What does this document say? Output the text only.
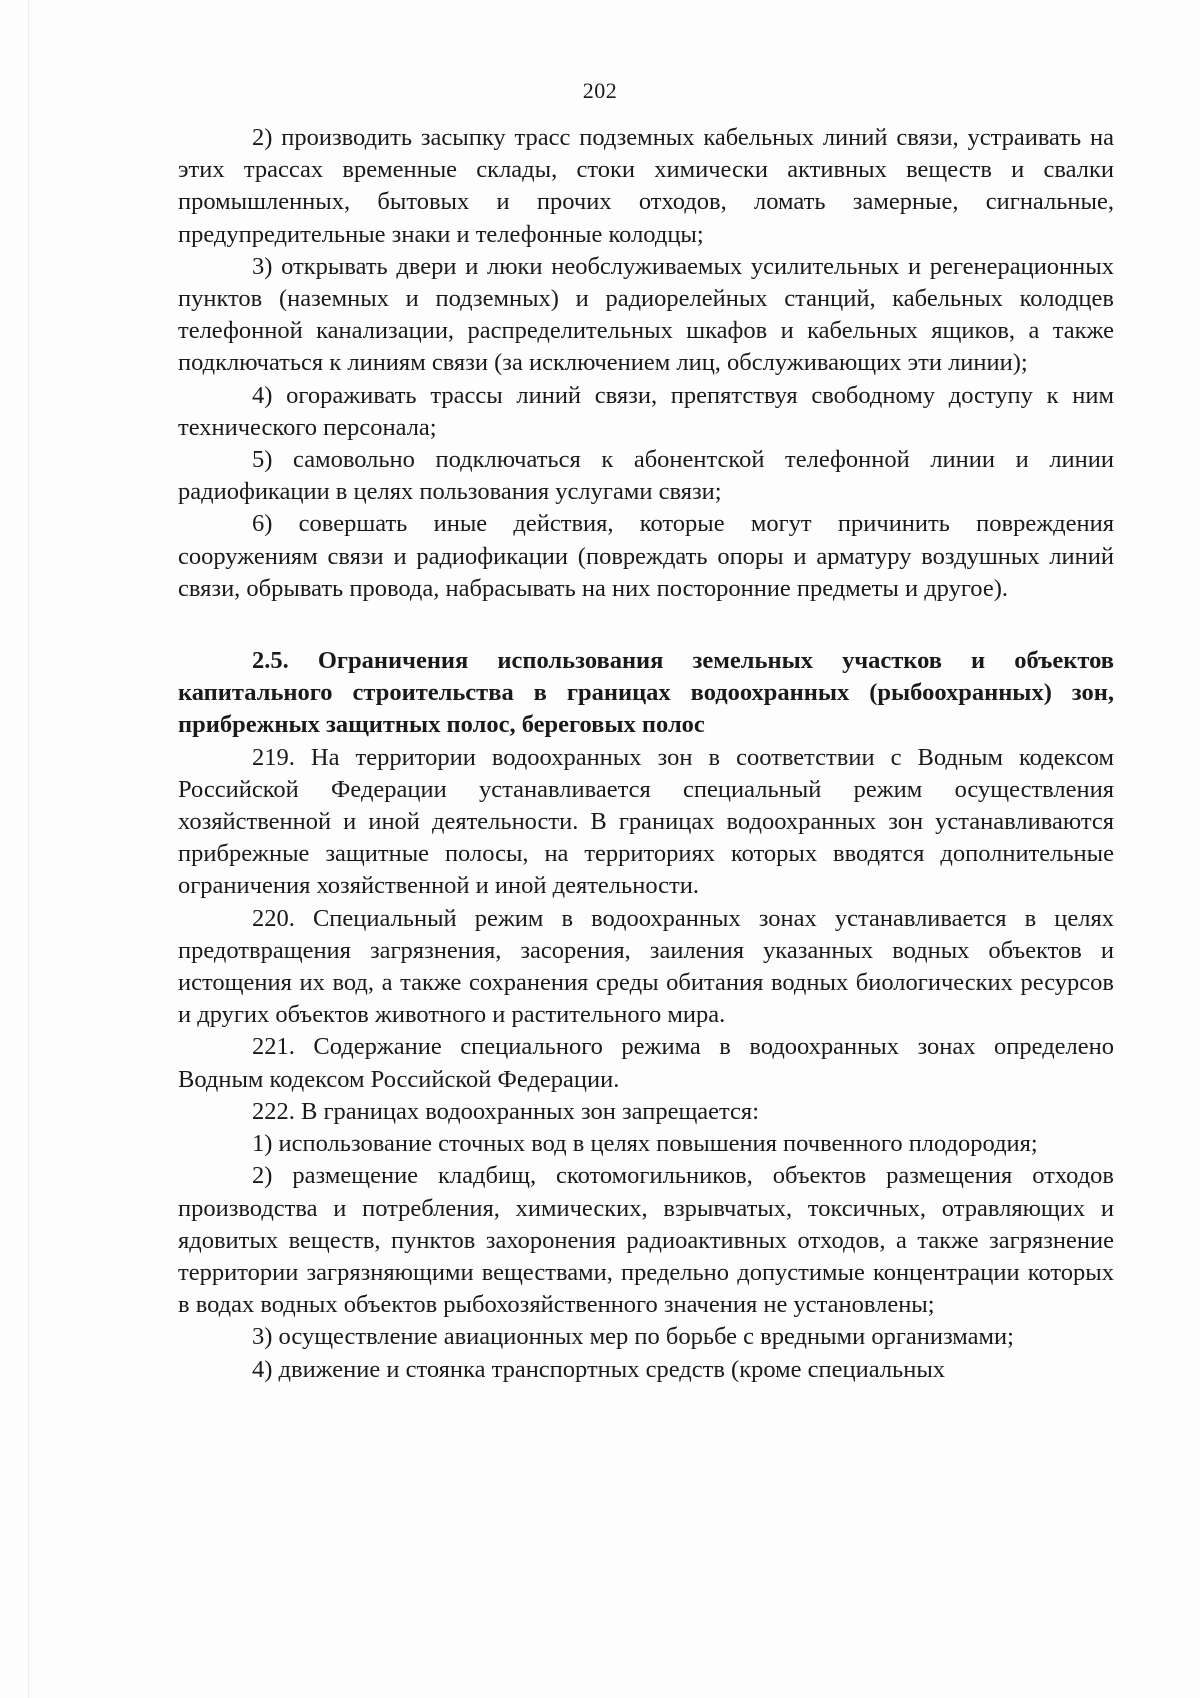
202

2) производить засыпку трасс подземных кабельных линий связи, устраивать на этих трассах временные склады, стоки химически активных веществ и свалки промышленных, бытовых и прочих отходов, ломать замерные, сигнальные, предупредительные знаки и телефонные колодцы;

3) открывать двери и люки необслуживаемых усилительных и регенерационных пунктов (наземных и подземных) и радиорелейных станций, кабельных колодцев телефонной канализации, распределительных шкафов и кабельных ящиков, а также подключаться к линиям связи (за исключением лиц, обслуживающих эти линии);

4) огораживать трассы линий связи, препятствуя свободному доступу к ним технического персонала;

5) самовольно подключаться к абонентской телефонной линии и линии радиофикации в целях пользования услугами связи;

6) совершать иные действия, которые могут причинить повреждения сооружениям связи и радиофикации (повреждать опоры и арматуру воздушных линий связи, обрывать провода, набрасывать на них посторонние предметы и другое).

2.5. Ограничения использования земельных участков и объектов капитального строительства в границах водоохранных (рыбоохранных) зон, прибрежных защитных полос, береговых полос

219. На территории водоохранных зон в соответствии с Водным кодексом Российской Федерации устанавливается специальный режим осуществления хозяйственной и иной деятельности. В границах водоохранных зон устанавливаются прибрежные защитные полосы, на территориях которых вводятся дополнительные ограничения хозяйственной и иной деятельности.

220. Специальный режим в водоохранных зонах устанавливается в целях предотвращения загрязнения, засорения, заиления указанных водных объектов и истощения их вод, а также сохранения среды обитания водных биологических ресурсов и других объектов животного и растительного мира.

221. Содержание специального режима в водоохранных зонах определено Водным кодексом Российской Федерации.

222. В границах водоохранных зон запрещается:

1) использование сточных вод в целях повышения почвенного плодородия;

2) размещение кладбищ, скотомогильников, объектов размещения отходов производства и потребления, химических, взрывчатых, токсичных, отравляющих и ядовитых веществ, пунктов захоронения радиоактивных отходов, а также загрязнение территории загрязняющими веществами, предельно допустимые концентрации которых в водах водных объектов рыбохозяйственного значения не установлены;

3) осуществление авиационных мер по борьбе с вредными организмами;

4) движение и стоянка транспортных средств (кроме специальных
